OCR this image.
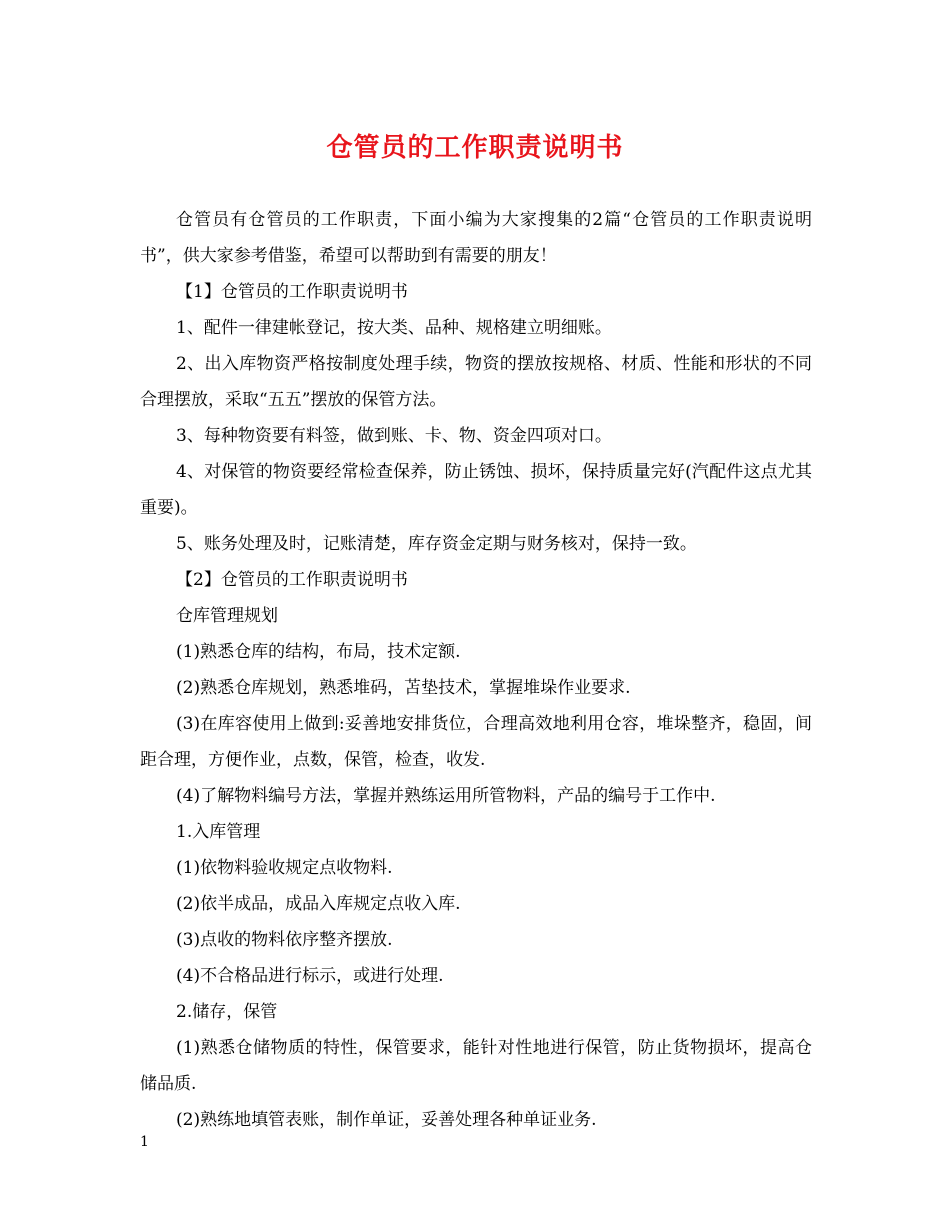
仓管员的工作职责说明书

仓管员有仓管员的工作职责，下面小编为大家搜集的2篇“仓管员的工作职责说明书”，供大家参考借鉴，希望可以帮助到有需要的朋友！

【1】仓管员的工作职责说明书

1、配件一律建帐登记，按大类、品种、规格建立明细账。

2、出入库物资严格按制度处理手续，物资的摆放按规格、材质、性能和形状的不同合理摆放，采取“五五”摆放的保管方法。

3、每种物资要有料签，做到账、卡、物、资金四项对口。

4、对保管的物资要经常检查保养，防止锈蚀、损坏，保持质量完好(汽配件这点尤其重要)。

5、账务处理及时，记账清楚，库存资金定期与财务核对，保持一致。

【2】仓管员的工作职责说明书

仓库管理规划

(1)熟悉仓库的结构，布局，技术定额.

(2)熟悉仓库规划，熟悉堆码，苫垫技术，掌握堆垛作业要求.

(3)在库容使用上做到:妥善地安排货位，合理高效地利用仓容，堆垛整齐，稳固，间距合理，方便作业，点数，保管，检查，收发.

(4)了解物料编号方法，掌握并熟练运用所管物料，产品的编号于工作中.

1.入库管理

(1)依物料验收规定点收物料.

(2)依半成品，成品入库规定点收入库.

(3)点收的物料依序整齐摆放.

(4)不合格品进行标示，或进行处理.

2.储存，保管

(1)熟悉仓储物质的特性，保管要求，能针对性地进行保管，防止货物损坏，提高仓储品质.

(2)熟练地填管表账，制作单证，妥善处理各种单证业务.

1
